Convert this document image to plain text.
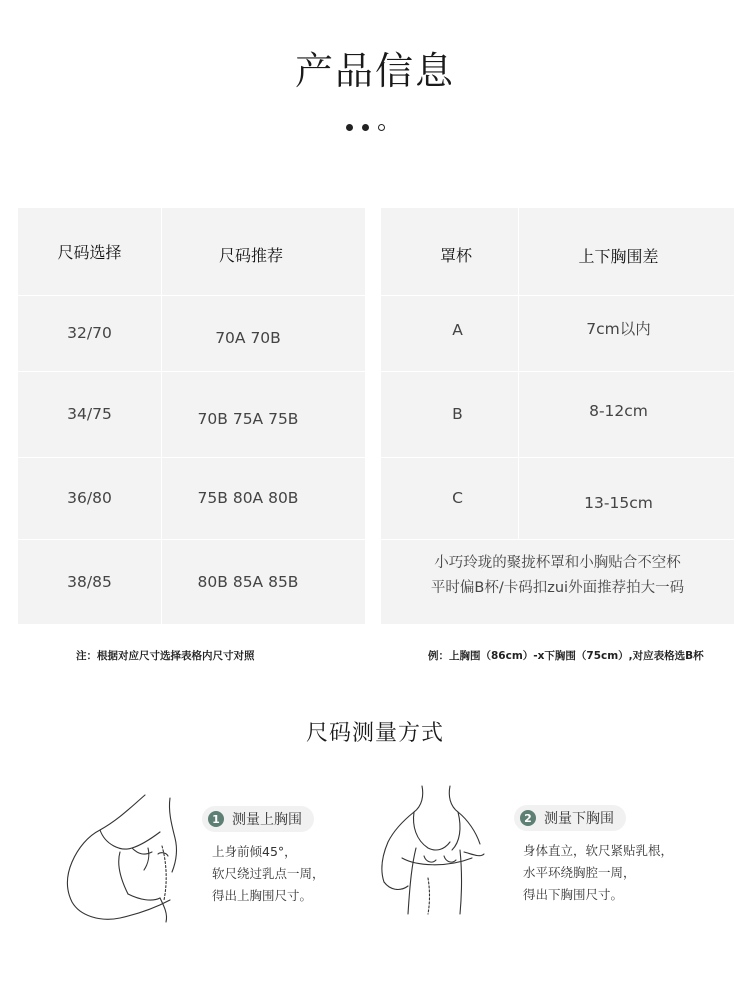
产品信息
尺码选择	尺码推荐
32/70	70A 70B
34/75	70B 75A 75B
36/80	75B 80A 80B
38/85	80B 85A 85B
罩杯	上下胸围差
A	7cm以内
B	8-12cm
C	13-15cm
小巧玲珑的聚拢杯罩和小胸贴合不空杯
平时偏B杯/卡码扣zui外面推荐拍大一码
注：根据对应尺寸选择表格内尺寸对照	例：上胸围（86cm）-x下胸围（75cm）,对应表格选B杯
尺码测量方式
1 测量上胸围
上身前倾45°，
软尺绕过乳点一周，
得出上胸围尺寸。
2 测量下胸围
身体直立，软尺紧贴乳根，
水平环绕胸腔一周，
得出下胸围尺寸。
